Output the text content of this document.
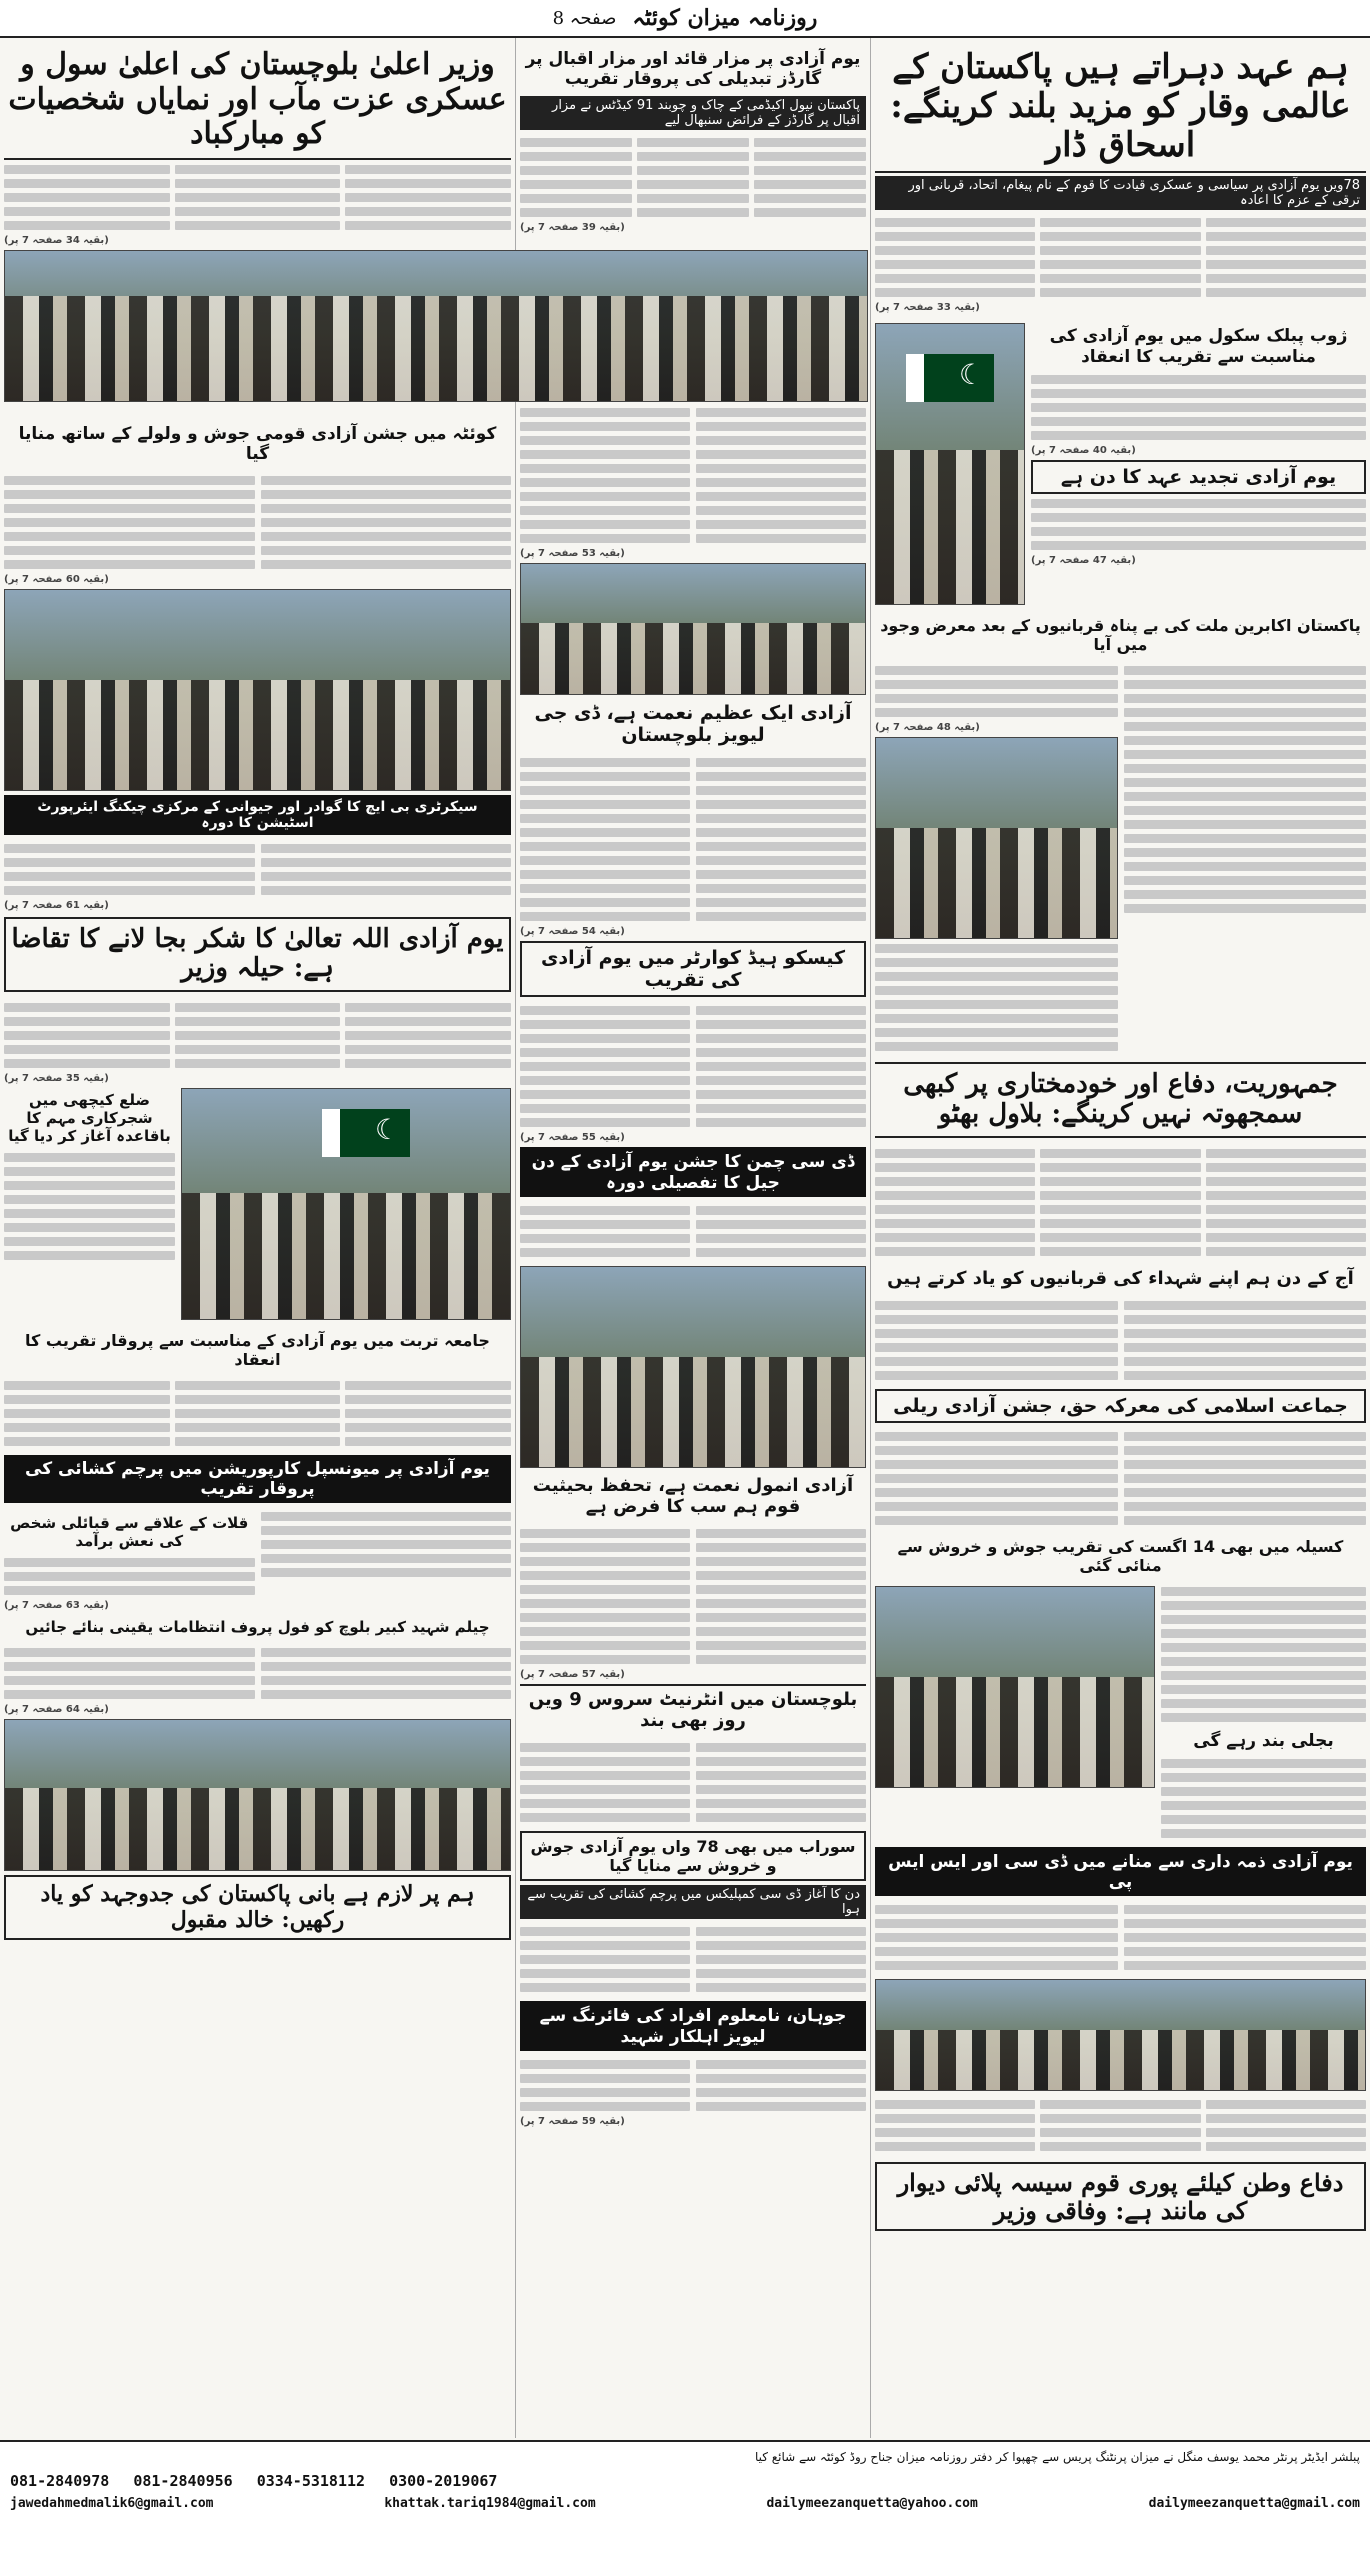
روزنامہ میزان کوئٹہ
صفحہ 8
ہم عہد دہراتے ہیں پاکستان کے عالمی وقار کو مزید بلند کرینگے: اسحاق ڈار
78ویں یوم آزادی پر سیاسی و عسکری قیادت کا قوم کے نام پیغام، اتحاد، قربانی اور ترقی کے عزم کا اعادہ
(بقیہ 33 صفحہ 7 پر)
ژوب پبلک سکول میں یوم آزادی کی مناسبت سے تقریب کا انعقاد
(بقیہ 40 صفحہ 7 پر)
یوم آزادی تجدید عہد کا دن ہے
(بقیہ 47 صفحہ 7 پر)
☾
پاکستان اکابرین ملت کی بے پناہ قربانیوں کے بعد معرض وجود میں آیا
(بقیہ 48 صفحہ 7 پر)
جمہوریت، دفاع اور خودمختاری پر کبھی سمجھوتہ نہیں کرینگے: بلاول بھٹو
آج کے دن ہم اپنے شہداء کی قربانیوں کو یاد کرتے ہیں
جماعت اسلامی کی معرکہ حق، جشن آزادی ریلی
کسیلہ میں بھی 14 اگست کی تقریب جوش و خروش سے منائی گئی
بجلی بند رہے گی
یوم آزادی ذمہ داری سے منانے میں ڈی سی اور ایس ایس پی
دفاع وطن کیلئے پوری قوم سیسہ پلائی دیوار کی مانند ہے: وفاقی وزیر
یوم آزادی پر مزار قائد اور مزار اقبال پر گارڈز تبدیلی کی پروقار تقریب
پاکستان نیول اکیڈمی کے چاک و چوبند 91 کیڈٹس نے مزار اقبال پر گارڈز کے فرائض سنبھال لیے
(بقیہ 39 صفحہ 7 پر)
(بقیہ 53 صفحہ 7 پر)
آزادی ایک عظیم نعمت ہے، ڈی جی لیویز بلوچستان
(بقیہ 54 صفحہ 7 پر)
کیسکو ہیڈ کوارٹر میں یوم آزادی کی تقریب
(بقیہ 55 صفحہ 7 پر)
ڈی سی چمن کا جشن یوم آزادی کے دن جیل کا تفصیلی دورہ
آزادی انمول نعمت ہے، تحفظ بحیثیت قوم ہم سب کا فرض ہے
(بقیہ 57 صفحہ 7 پر)
بلوچستان میں انٹرنیٹ سروس 9 ویں روز بھی بند
سوراب میں بھی 78 واں یوم آزادی جوش و خروش سے منایا گیا
دن کا آغاز ڈی سی کمپلیکس میں پرچم کشائی کی تقریب سے ہوا
جوہان، نامعلوم افراد کی فائرنگ سے لیویز اہلکار شہید
(بقیہ 59 صفحہ 7 پر)
وزیر اعلیٰ بلوچستان کی اعلیٰ سول و عسکری عزت مآب اور نمایاں شخصیات کو مبارکباد
(بقیہ 34 صفحہ 7 پر)
کوئٹہ میں جشن آزادی قومی جوش و ولولے کے ساتھ منایا گیا
(بقیہ 60 صفحہ 7 پر)
سیکرٹری بی ایچ کا گوادر اور جیوانی کے مرکزی چیکنگ ایئرپورٹ اسٹیشن کا دورہ
(بقیہ 61 صفحہ 7 پر)
یوم آزادی اللہ تعالیٰ کا شکر بجا لانے کا تقاضا ہے: حیلہ وزیر
(بقیہ 35 صفحہ 7 پر)
☾
ضلع کیچھی میں شجرکاری مہم کا باقاعدہ آغاز کر دیا گیا
جامعہ تربت میں یوم آزادی کے مناسبت سے پروقار تقریب کا انعقاد
یوم آزادی پر میونسپل کارپوریشن میں پرچم کشائی کی پروقار تقریب
قلات کے علاقے سے قبائلی شخص کی نعش برآمد
(بقیہ 63 صفحہ 7 پر)
چیلم شہید کبیر بلوچ کو فول پروف انتظامات یقینی بنائے جائیں
(بقیہ 64 صفحہ 7 پر)
ہم پر لازم ہے بانی پاکستان کی جدوجہد کو یاد رکھیں: خالد مقبول
پبلشر ایڈیٹر پرنٹر محمد یوسف منگل نے میزان پرنٹنگ پریس سے چھپوا کر دفتر روزنامہ میزان جناح روڈ کوئٹہ سے شائع کیا
081-2840978 081-2840956 0334-5318112 0300-2019067
jawedahmedmalik6@gmail.com	khattak.tariq1984@gmail.com	dailymeezanquetta@yahoo.com	dailymeezanquetta@gmail.com
